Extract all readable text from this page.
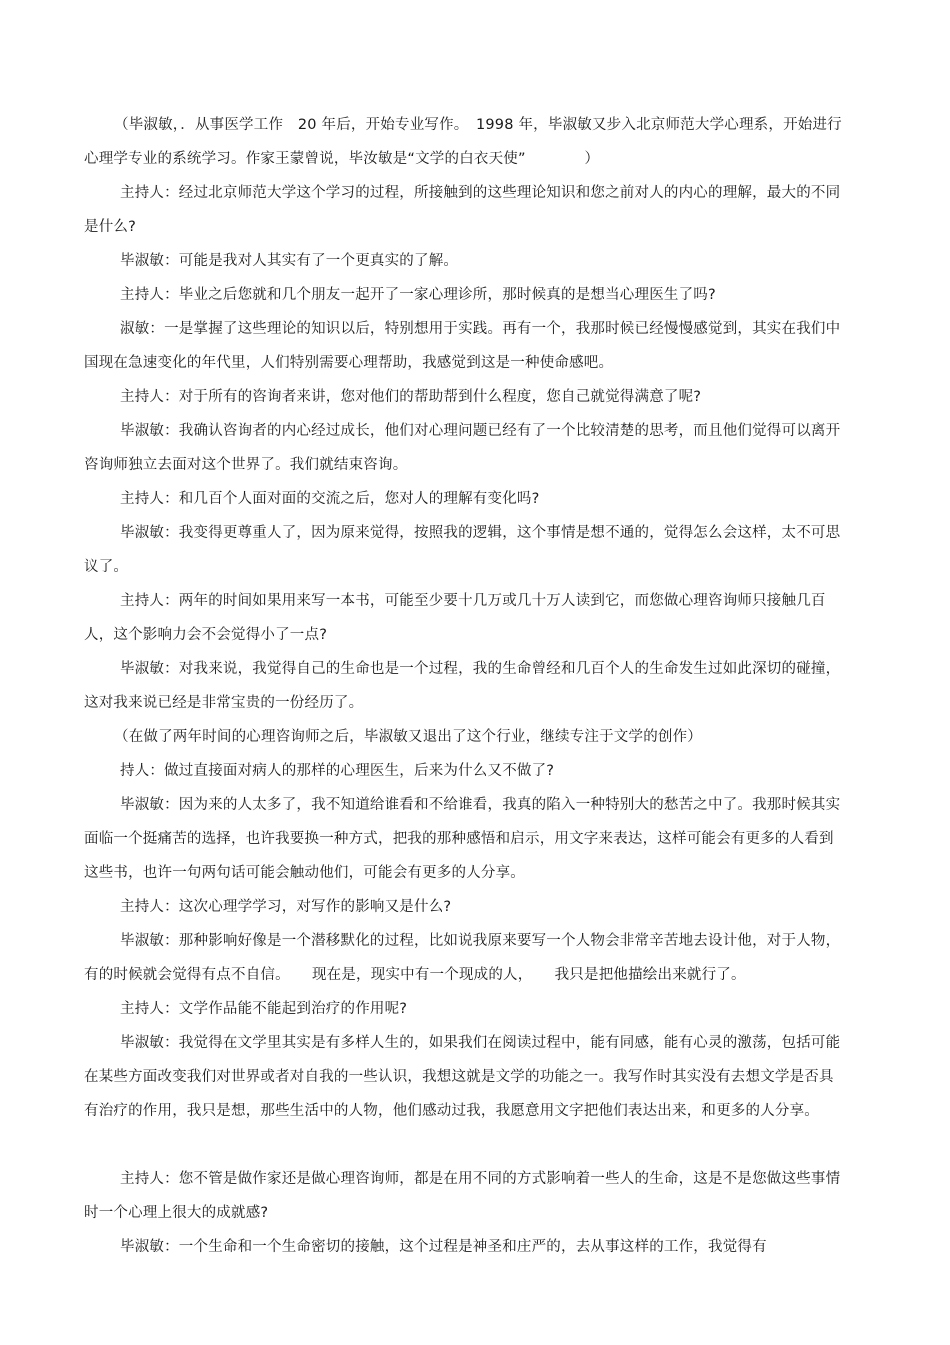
（毕淑敏，．从事医学工作　20 年后，开始专业写作。　1998 年，毕淑敏又步入北京师范大学心理系，开始进行心理学专业的系统学习。作家王蒙曾说，毕汝敏是“文学的白衣天使”　　　　）

主持人：经过北京师范大学这个学习的过程，所接触到的这些理论知识和您之前对人的内心的理解，最大的不同是什么?

毕淑敏：可能是我对人其实有了一个更真实的了解。

主持人：毕业之后您就和几个朋友一起开了一家心理诊所，那时候真的是想当心理医生了吗?

淑敏：一是掌握了这些理论的知识以后，特别想用于实践。再有一个，我那时候已经慢慢感觉到，其实在我们中国现在急速变化的年代里，人们特别需要心理帮助，我感觉到这是一种使命感吧。

主持人：对于所有的咨询者来讲，您对他们的帮助帮到什么程度，您自己就觉得满意了呢?

毕淑敏：我确认咨询者的内心经过成长，他们对心理问题已经有了一个比较清楚的思考，而且他们觉得可以离开咨询师独立去面对这个世界了。我们就结束咨询。

主持人：和几百个人面对面的交流之后，您对人的理解有变化吗?

毕淑敏：我变得更尊重人了，因为原来觉得，按照我的逻辑，这个事情是想不通的，觉得怎么会这样，太不可思议了。

主持人：两年的时间如果用来写一本书，可能至少要十几万或几十万人读到它，而您做心理咨询师只接触几百人，这个影响力会不会觉得小了一点?

毕淑敏：对我来说，我觉得自己的生命也是一个过程，我的生命曾经和几百个人的生命发生过如此深切的碰撞，这对我来说已经是非常宝贵的一份经历了。

（在做了两年时间的心理咨询师之后，毕淑敏又退出了这个行业，继续专注于文学的创作）

持人：做过直接面对病人的那样的心理医生，后来为什么又不做了?

毕淑敏：因为来的人太多了，我不知道给谁看和不给谁看，我真的陷入一种特别大的愁苦之中了。我那时候其实面临一个挺痛苦的选择，也许我要换一种方式，把我的那种感悟和启示，用文字来表达，这样可能会有更多的人看到这些书，也许一句两句话可能会触动他们，可能会有更多的人分享。

主持人：这次心理学学习，对写作的影响又是什么?

毕淑敏：那种影响好像是一个潜移默化的过程，比如说我原来要写一个人物会非常辛苦地去设计他，对于人物，　有的时候就会觉得有点不自信。　　现在是，现实中有一个现成的人，　　我只是把他描绘出来就行了。

主持人：文学作品能不能起到治疗的作用呢?

毕淑敏：我觉得在文学里其实是有多样人生的，如果我们在阅读过程中，能有同感，能有心灵的激荡，包括可能在某些方面改变我们对世界或者对自我的一些认识，我想这就是文学的功能之一。我写作时其实没有去想文学是否具有治疗的作用，我只是想，那些生活中的人物，他们感动过我，我愿意用文字把他们表达出来，和更多的人分享。

主持人：您不管是做作家还是做心理咨询师，都是在用不同的方式影响着一些人的生命，这是不是您做这些事情时一个心理上很大的成就感?

毕淑敏：一个生命和一个生命密切的接触，这个过程是神圣和庄严的，去从事这样的工作，我觉得有
